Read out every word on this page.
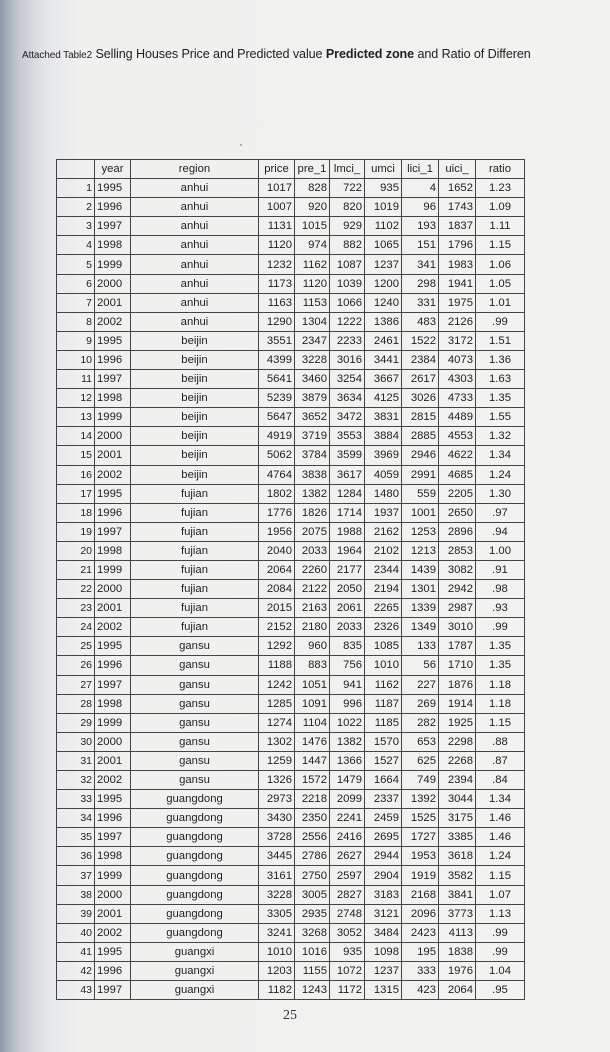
Attached Table2 Selling Houses Price and Predicted value Predicted zone and Ratio of Differen
	year	region	price	pre_1	lmci_	umci	lici_1	uici_	ratio
1	1995	anhui	1017	828	722	935	4	1652	1.23
2	1996	anhui	1007	920	820	1019	96	1743	1.09
3	1997	anhui	1131	1015	929	1102	193	1837	1.11
4	1998	anhui	1120	974	882	1065	151	1796	1.15
5	1999	anhui	1232	1162	1087	1237	341	1983	1.06
6	2000	anhui	1173	1120	1039	1200	298	1941	1.05
7	2001	anhui	1163	1153	1066	1240	331	1975	1.01
8	2002	anhui	1290	1304	1222	1386	483	2126	.99
9	1995	beijin	3551	2347	2233	2461	1522	3172	1.51
10	1996	beijin	4399	3228	3016	3441	2384	4073	1.36
11	1997	beijin	5641	3460	3254	3667	2617	4303	1.63
12	1998	beijin	5239	3879	3634	4125	3026	4733	1.35
13	1999	beijin	5647	3652	3472	3831	2815	4489	1.55
14	2000	beijin	4919	3719	3553	3884	2885	4553	1.32
15	2001	beijin	5062	3784	3599	3969	2946	4622	1.34
16	2002	beijin	4764	3838	3617	4059	2991	4685	1.24
17	1995	fujian	1802	1382	1284	1480	559	2205	1.30
18	1996	fujian	1776	1826	1714	1937	1001	2650	.97
19	1997	fujian	1956	2075	1988	2162	1253	2896	.94
20	1998	fujian	2040	2033	1964	2102	1213	2853	1.00
21	1999	fujian	2064	2260	2177	2344	1439	3082	.91
22	2000	fujian	2084	2122	2050	2194	1301	2942	.98
23	2001	fujian	2015	2163	2061	2265	1339	2987	.93
24	2002	fujian	2152	2180	2033	2326	1349	3010	.99
25	1995	gansu	1292	960	835	1085	133	1787	1.35
26	1996	gansu	1188	883	756	1010	56	1710	1.35
27	1997	gansu	1242	1051	941	1162	227	1876	1.18
28	1998	gansu	1285	1091	996	1187	269	1914	1.18
29	1999	gansu	1274	1104	1022	1185	282	1925	1.15
30	2000	gansu	1302	1476	1382	1570	653	2298	.88
31	2001	gansu	1259	1447	1366	1527	625	2268	.87
32	2002	gansu	1326	1572	1479	1664	749	2394	.84
33	1995	guangdong	2973	2218	2099	2337	1392	3044	1.34
34	1996	guangdong	3430	2350	2241	2459	1525	3175	1.46
35	1997	guangdong	3728	2556	2416	2695	1727	3385	1.46
36	1998	guangdong	3445	2786	2627	2944	1953	3618	1.24
37	1999	guangdong	3161	2750	2597	2904	1919	3582	1.15
38	2000	guangdong	3228	3005	2827	3183	2168	3841	1.07
39	2001	guangdong	3305	2935	2748	3121	2096	3773	1.13
40	2002	guangdong	3241	3268	3052	3484	2423	4113	.99
41	1995	guangxi	1010	1016	935	1098	195	1838	.99
42	1996	guangxi	1203	1155	1072	1237	333	1976	1.04
43	1997	guangxi	1182	1243	1172	1315	423	2064	.95
25
